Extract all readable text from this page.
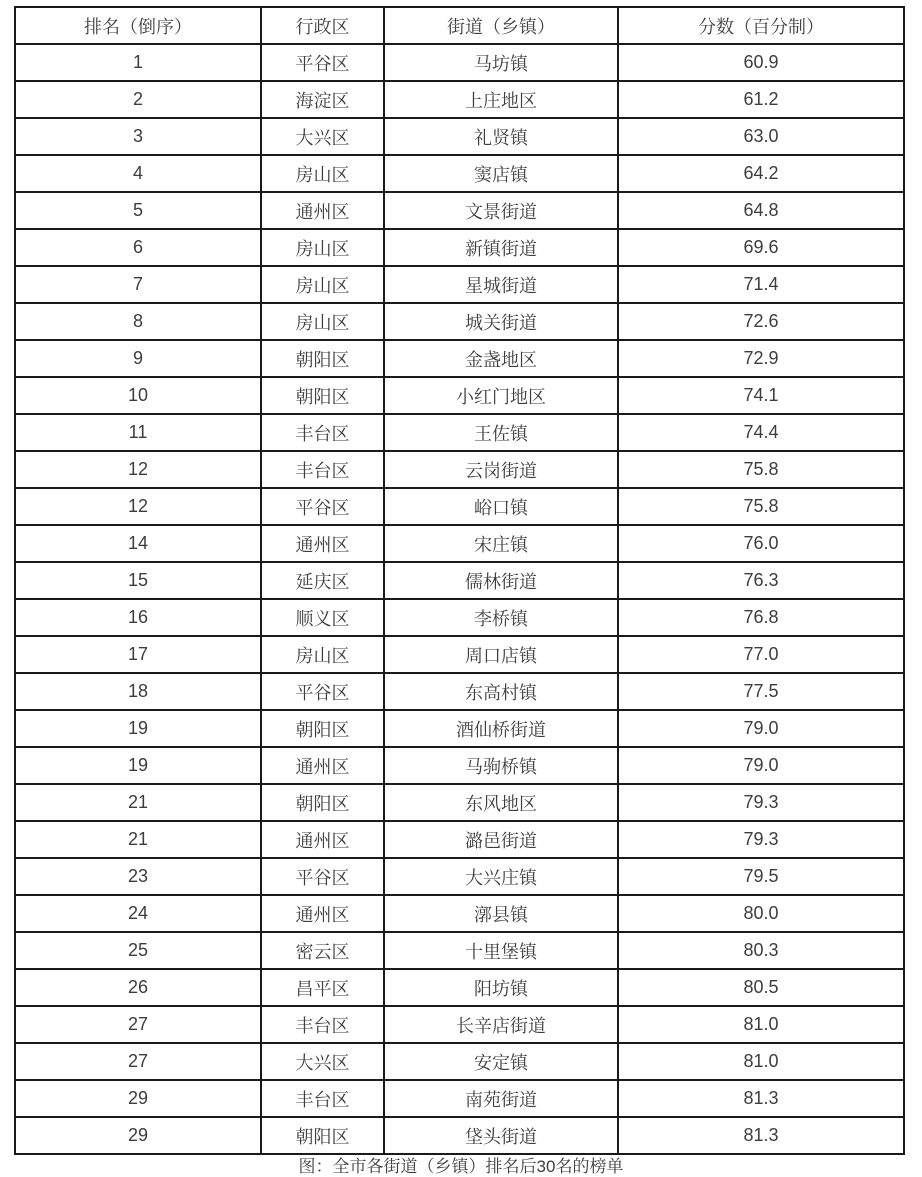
排名（倒序）	行政区	街道（乡镇）	分数（百分制）
1	平谷区	马坊镇	60.9
2	海淀区	上庄地区	61.2
3	大兴区	礼贤镇	63.0
4	房山区	窦店镇	64.2
5	通州区	文景街道	64.8
6	房山区	新镇街道	69.6
7	房山区	星城街道	71.4
8	房山区	城关街道	72.6
9	朝阳区	金盏地区	72.9
10	朝阳区	小红门地区	74.1
11	丰台区	王佐镇	74.4
12	丰台区	云岗街道	75.8
12	平谷区	峪口镇	75.8
14	通州区	宋庄镇	76.0
15	延庆区	儒林街道	76.3
16	顺义区	李桥镇	76.8
17	房山区	周口店镇	77.0
18	平谷区	东高村镇	77.5
19	朝阳区	酒仙桥街道	79.0
19	通州区	马驹桥镇	79.0
21	朝阳区	东风地区	79.3
21	通州区	潞邑街道	79.3
23	平谷区	大兴庄镇	79.5
24	通州区	漷县镇	80.0
25	密云区	十里堡镇	80.3
26	昌平区	阳坊镇	80.5
27	丰台区	长辛店街道	81.0
27	大兴区	安定镇	81.0
29	丰台区	南苑街道	81.3
29	朝阳区	垡头街道	81.3
图：全市各街道（乡镇）排名后30名的榜单
